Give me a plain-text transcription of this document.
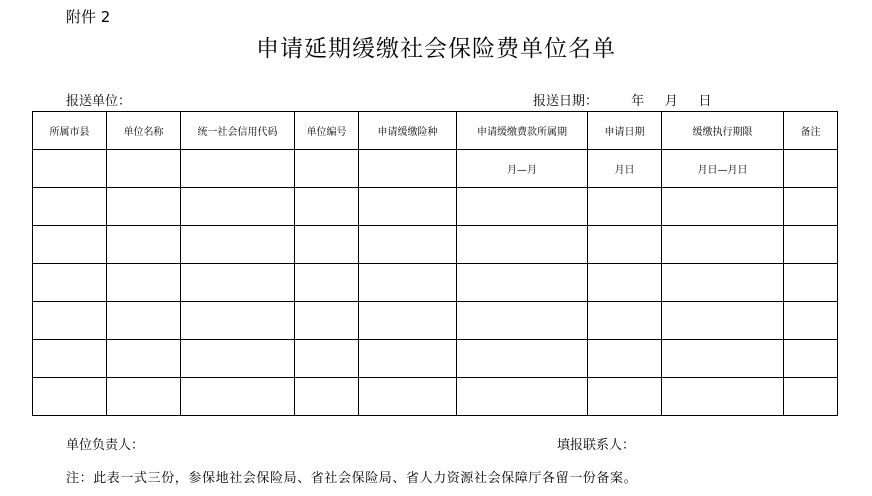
附件 2
申请延期缓缴社会保险费单位名单
报送单位：	报送日期：	年 月 日
所属市县	单位名称	统一社会信用代码	单位编号	申请缓缴险种	申请缓缴费款所属期	申请日期	缓缴执行期限	备注
					月—月	月日	月日—月日	

单位负责人：	填报联系人：
注：此表一式三份，参保地社会保险局、省社会保险局、省人力资源社会保障厅各留一份备案。
